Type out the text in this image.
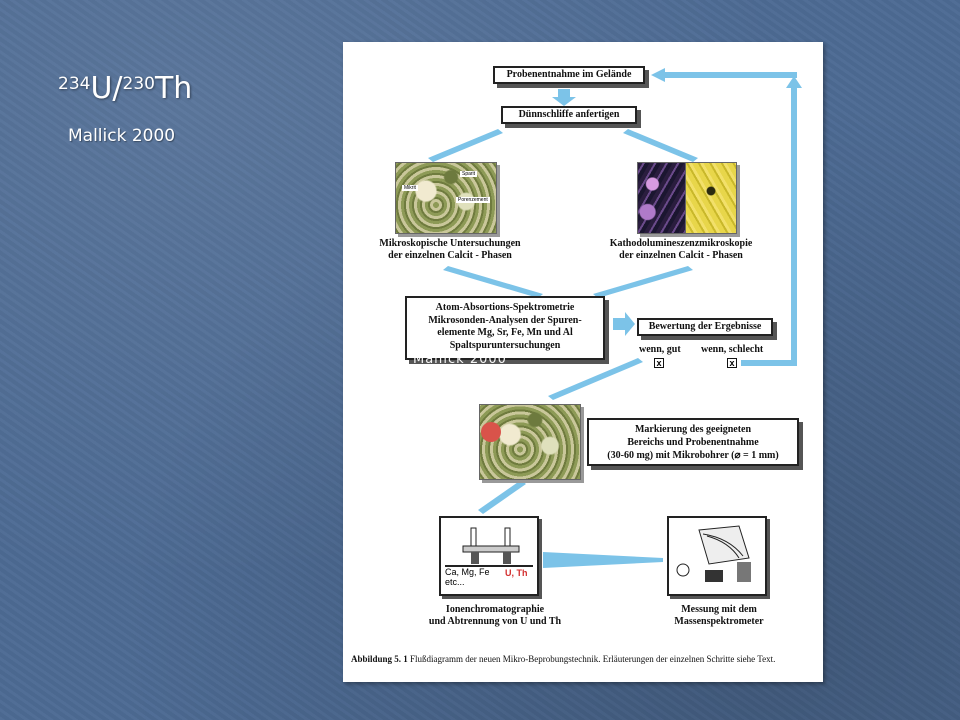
$^{234}$U/$^{230}$Th
Mallick 2000
Probenentnahme im Gelände
Dünnschliffe anfertigen
Sparit
Mikrit
Porenzement
Mikroskopische Untersuchungen
der einzelnen Calcit - Phasen
Kathodolumineszenzmikroskopie
der einzelnen Calcit - Phasen
Atom-Absortions-Spektrometrie
Mikrosonden-Analysen der Spuren-
elemente Mg, Sr, Fe, Mn und Al
Spaltspuruntersuchungen
Mallick 2000
Bewertung der Ergebnisse
wenn, gut wenn, schlecht
x	x
Markierung des geeigneten
Bereichs und Probenentnahme
(30-60 mg) mit Mikrobohrer (⌀ = 1 mm)
Ca, Mg, Fe etc...
U, Th
Ionenchromatographie
und Abtrennung von U und Th
Messung mit dem
Massenspektrometer
Abbildung 5. 1 Flußdiagramm der neuen Mikro-Beprobungstechnik. Erläuterungen der einzelnen Schritte siehe Text.
